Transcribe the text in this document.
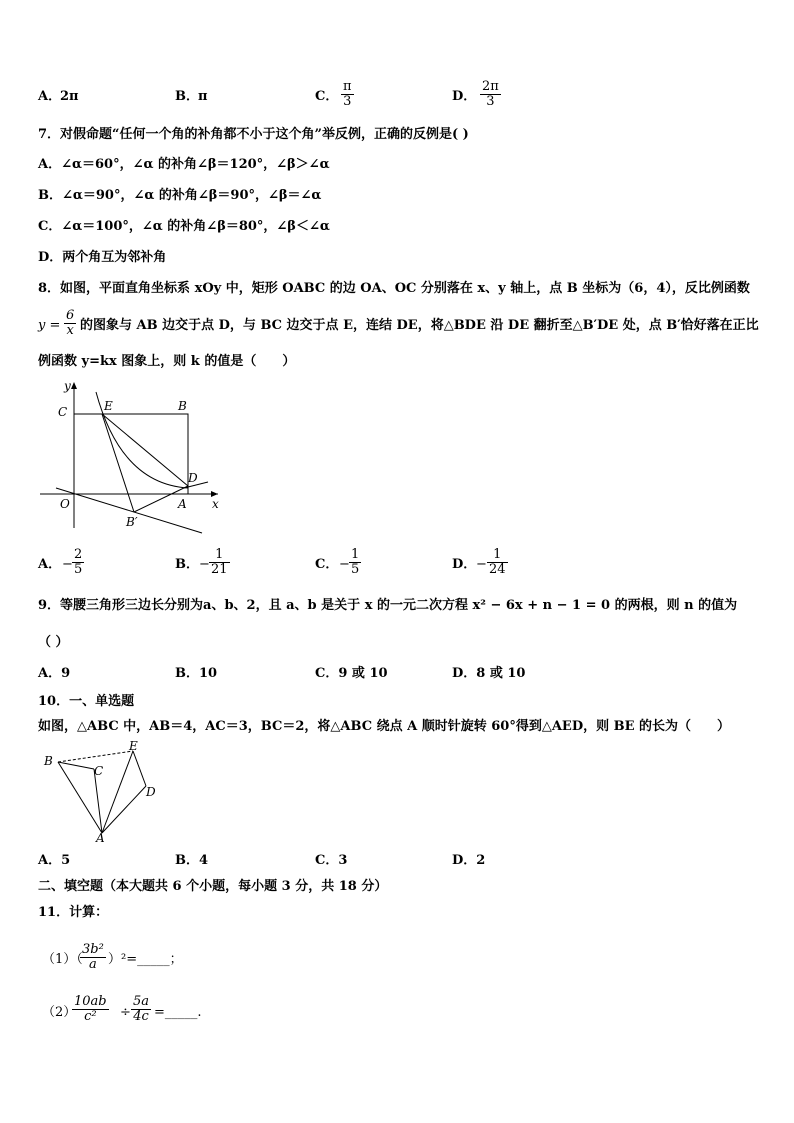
A．
2π	B． π	C． $\frac{\pi}{3}$	D． $\frac{2\pi}{3}$
7．对假命题“任何一个角的补角都不小于这个角”举反例，正确的反例是( )
A．∠α＝60°，∠α 的补角∠β＝120°，∠β＞∠α
B．∠α＝90°，∠α 的补角∠β＝90°，∠β＝∠α
C．∠α＝100°，∠α 的补角∠β＝80°，∠β＜∠α
D．两个角互为邻补角
8．如图，平面直角坐标系 xOy 中，矩形 OABC 的边 OA、OC 分别落在 x、y 轴上，点 B 坐标为（6，4），反比例函数
$y = \frac{6}{x}$ 的图象与 AB 边交于点 D，与 BC 边交于点 E，连结 DE，将△BDE 沿 DE 翻折至△B′DE 处，点 B′恰好落在正比
例函数 y=kx 图象上，则 k 的值是（　　）
y
x
C	E	B
D
O	A
B′
A． − $\frac{2}{5}$	B． − $\frac{1}{21}$	C． − $\frac{1}{5}$	D． − $\frac{1}{24}$
9．等腰三角形三边长分别为a、b、2，且 a、b 是关于 x 的一元二次方程 x² − 6x + n − 1 = 0 的两根，则 n 的值为
（ ）
A．9	B．10	C．9 或 10	D．8 或 10
10．一、单选题
如图，△ABC 中，AB＝4，AC＝3，BC＝2，将△ABC 绕点 A 顺时针旋转 60°得到△AED，则 BE 的长为（　　）
B
C
E
D
A
A．5	B．4	C．3	D．2
二、填空题（本大题共 6 个小题，每小题 3 分，共 18 分）
11．计算：
（1）（
$\frac{\text{3b²}}{a}$ ）²=_____；
（2）
$\frac{10ab}{\text{c²}} \div \frac{5a}{4c}$ =_____.
